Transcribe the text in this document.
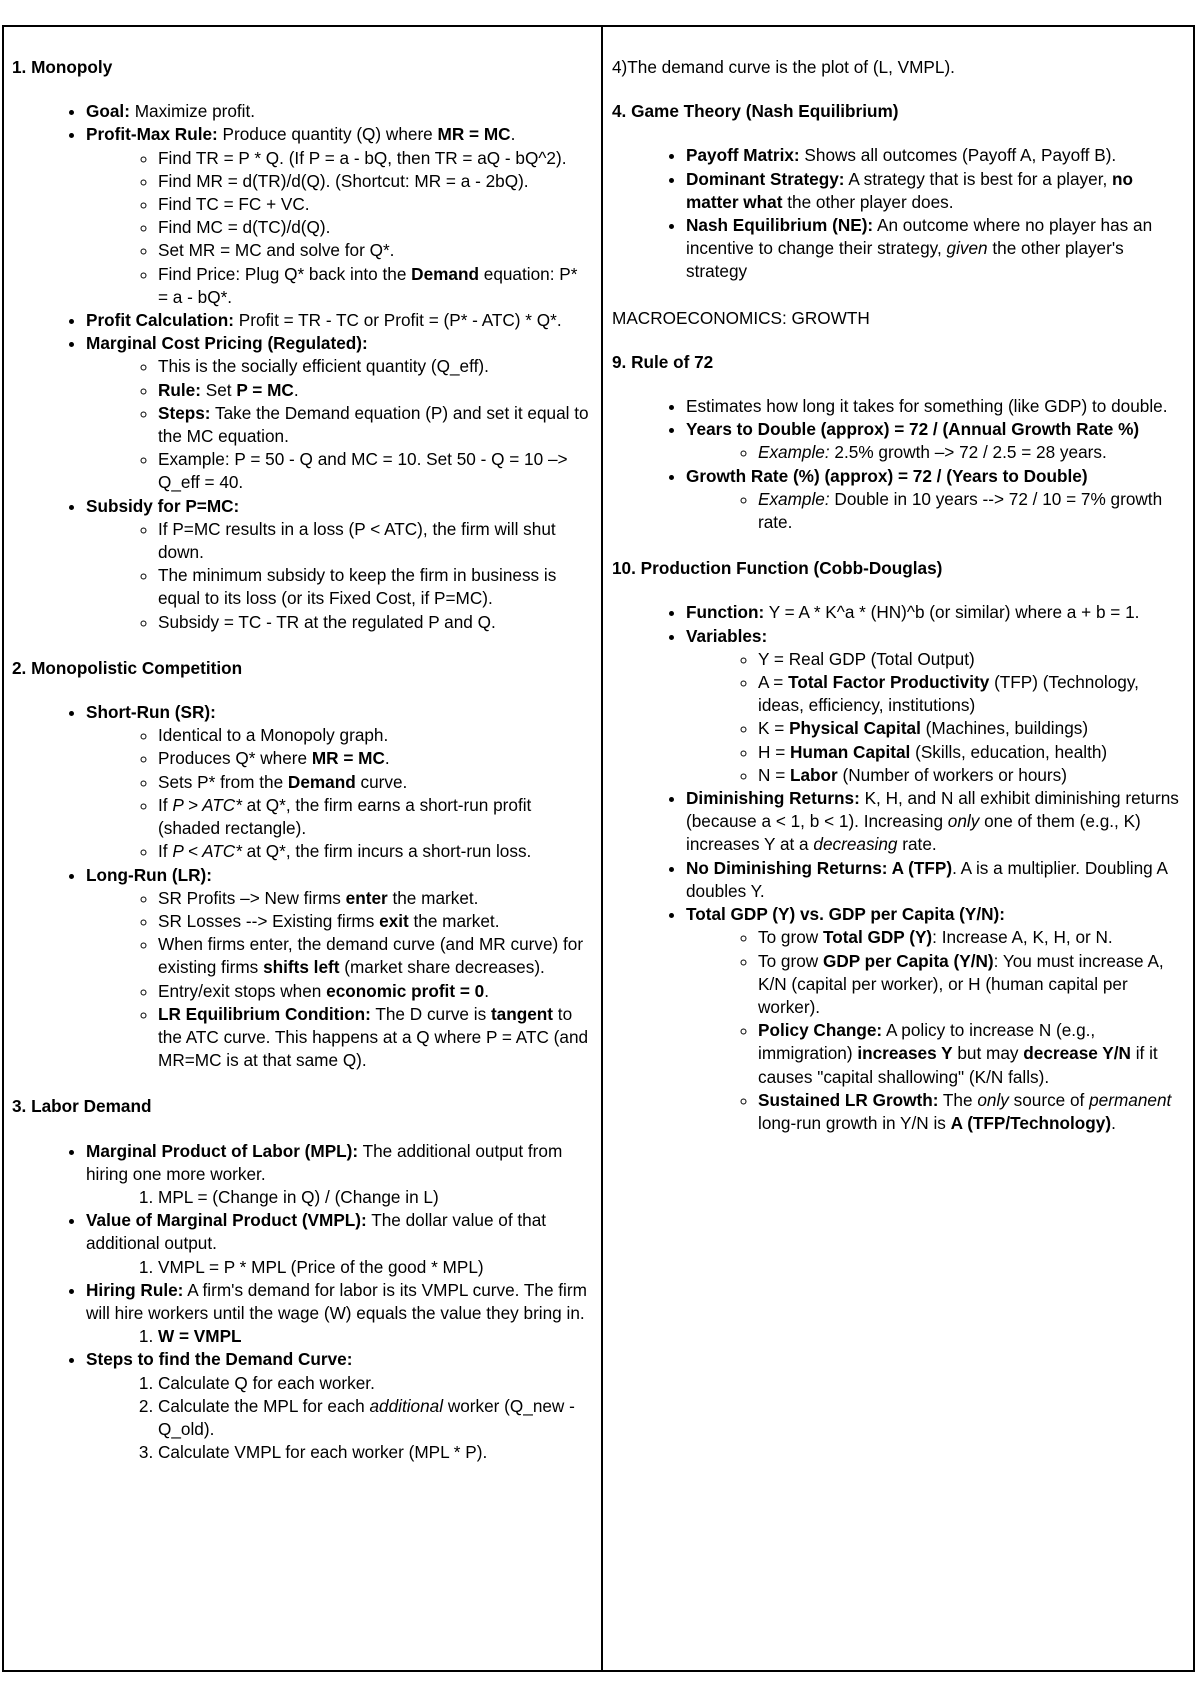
1. Monopoly

• Goal: Maximize profit.
• Profit-Max Rule: Produce quantity (Q) where MR = MC.
◦ Find TR = P * Q. (If P = a - bQ, then TR = aQ - bQ^2).
◦ Find MR = d(TR)/d(Q). (Shortcut: MR = a - 2bQ).
◦ Find TC = FC + VC.
◦ Find MC = d(TC)/d(Q).
◦ Set MR = MC and solve for Q*.
◦ Find Price: Plug Q* back into the Demand equation: P* = a - bQ*.
• Profit Calculation: Profit = TR - TC or Profit = (P* - ATC) * Q*.
• Marginal Cost Pricing (Regulated):
◦ This is the socially efficient quantity (Q_eff).
◦ Rule: Set P = MC.
◦ Steps: Take the Demand equation (P) and set it equal to the MC equation.
◦ Example: P = 50 - Q and MC = 10. Set 50 - Q = 10 –> Q_eff = 40.
• Subsidy for P=MC:
◦ If P=MC results in a loss (P < ATC), the firm will shut down.
◦ The minimum subsidy to keep the firm in business is equal to its loss (or its Fixed Cost, if P=MC).
◦ Subsidy = TC - TR at the regulated P and Q.

2. Monopolistic Competition

• Short-Run (SR):
◦ Identical to a Monopoly graph.
◦ Produces Q* where MR = MC.
◦ Sets P* from the Demand curve.
◦ If P > ATC* at Q*, the firm earns a short-run profit (shaded rectangle).
◦ If P < ATC* at Q*, the firm incurs a short-run loss.
• Long-Run (LR):
◦ SR Profits –> New firms enter the market.
◦ SR Losses --> Existing firms exit the market.
◦ When firms enter, the demand curve (and MR curve) for existing firms shifts left (market share decreases).
◦ Entry/exit stops when economic profit = 0.
◦ LR Equilibrium Condition: The D curve is tangent to the ATC curve. This happens at a Q where P = ATC (and MR=MC is at that same Q).

3. Labor Demand

• Marginal Product of Labor (MPL): The additional output from hiring one more worker.
1. MPL = (Change in Q) / (Change in L)
• Value of Marginal Product (VMPL): The dollar value of that additional output.
1. VMPL = P * MPL (Price of the good * MPL)
• Hiring Rule: A firm's demand for labor is its VMPL curve. The firm will hire workers until the wage (W) equals the value they bring in.
1. W = VMPL
• Steps to find the Demand Curve:
1. Calculate Q for each worker.
2. Calculate the MPL for each additional worker (Q_new - Q_old).
3. Calculate VMPL for each worker (MPL * P).

4)The demand curve is the plot of (L, VMPL).

4. Game Theory (Nash Equilibrium)

• Payoff Matrix: Shows all outcomes (Payoff A, Payoff B).
• Dominant Strategy: A strategy that is best for a player, no matter what the other player does.
• Nash Equilibrium (NE): An outcome where no player has an incentive to change their strategy, given the other player's strategy

MACROECONOMICS: GROWTH

9. Rule of 72

• Estimates how long it takes for something (like GDP) to double.
• Years to Double (approx) = 72 / (Annual Growth Rate %)
◦ Example: 2.5% growth –> 72 / 2.5 = 28 years.
• Growth Rate (%) (approx) = 72 / (Years to Double)
◦ Example: Double in 10 years --> 72 / 10 = 7% growth rate.

10. Production Function (Cobb-Douglas)

• Function: Y = A * K^a * (HN)^b (or similar) where a + b = 1.
• Variables:
◦ Y = Real GDP (Total Output)
◦ A = Total Factor Productivity (TFP) (Technology, ideas, efficiency, institutions)
◦ K = Physical Capital (Machines, buildings)
◦ H = Human Capital (Skills, education, health)
◦ N = Labor (Number of workers or hours)
• Diminishing Returns: K, H, and N all exhibit diminishing returns (because a < 1, b < 1). Increasing only one of them (e.g., K) increases Y at a decreasing rate.
• No Diminishing Returns: A (TFP). A is a multiplier. Doubling A doubles Y.
• Total GDP (Y) vs. GDP per Capita (Y/N):
◦ To grow Total GDP (Y): Increase A, K, H, or N.
◦ To grow GDP per Capita (Y/N): You must increase A, K/N (capital per worker), or H (human capital per worker).
◦ Policy Change: A policy to increase N (e.g., immigration) increases Y but may decrease Y/N if it causes "capital shallowing" (K/N falls).
◦ Sustained LR Growth: The only source of permanent long-run growth in Y/N is A (TFP/Technology).
